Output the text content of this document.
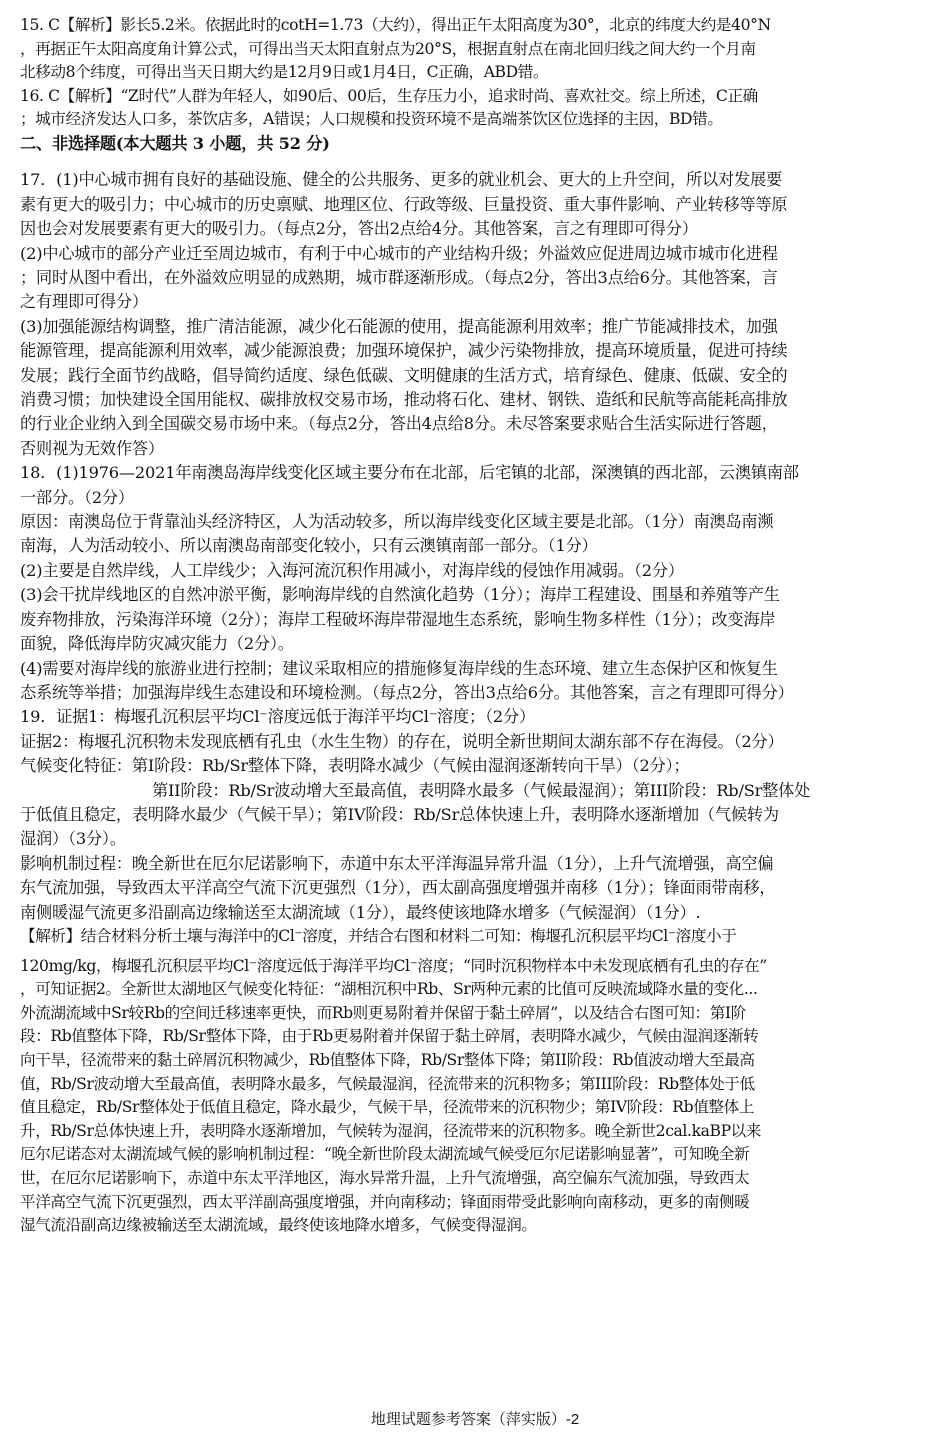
15. C【解析】影长5.2米。依据此时的cotH=1.73（大约），得出正午太阳高度为30°，北京的纬度大约是40°N
，再据正午太阳高度角计算公式，可得出当天太阳直射点为20°S，根据直射点在南北回归线之间大约一个月南
北移动8个纬度，可得出当天日期大约是12月9日或1月4日，C正确，ABD错。
16. C【解析】“Z时代”人群为年轻人，如90后、00后，生存压力小，追求时尚、喜欢社交。综上所述，C正确
；城市经济发达人口多，茶饮店多，A错误；人口规模和投资环境不是高端茶饮区位选择的主因，BD错。
二、非选择题(本大题共 3 小题，共 52 分)
17．(1)中心城市拥有良好的基础设施、健全的公共服务、更多的就业机会、更大的上升空间，所以对发展要
素有更大的吸引力；中心城市的历史禀赋、地理区位、行政等级、巨量投资、重大事件影响、产业转移等等原
因也会对发展要素有更大的吸引力。（每点2分，答出2点给4分。其他答案，言之有理即可得分）
(2)中心城市的部分产业迁至周边城市，有利于中心城市的产业结构升级；外溢效应促进周边城市城市化进程
；同时从图中看出，在外溢效应明显的成熟期，城市群逐渐形成。（每点2分，答出3点给6分。其他答案，言
之有理即可得分）
(3)加强能源结构调整，推广清洁能源，减少化石能源的使用，提高能源利用效率；推广节能减排技术，加强
能源管理，提高能源利用效率，减少能源浪费；加强环境保护，减少污染物排放，提高环境质量，促进可持续
发展；践行全面节约战略，倡导简约适度、绿色低碳、文明健康的生活方式，培育绿色、健康、低碳、安全的
消费习惯；加快建设全国用能权、碳排放权交易市场，推动将石化、建材、钢铁、造纸和民航等高能耗高排放
的行业企业纳入到全国碳交易市场中来。（每点2分，答出4点给8分。未尽答案要求贴合生活实际进行答题，
否则视为无效作答）
18．(1)1976—2021年南澳岛海岸线变化区域主要分布在北部，后宅镇的北部，深澳镇的西北部，云澳镇南部
一部分。（2分）
原因：南澳岛位于背靠汕头经济特区，人为活动较多，所以海岸线变化区域主要是北部。（1分）南澳岛南濒
南海，人为活动较小、所以南澳岛南部变化较小，只有云澳镇南部一部分。（1分）
(2)主要是自然岸线，人工岸线少；入海河流沉积作用减小，对海岸线的侵蚀作用减弱。（2分）
(3)会干扰岸线地区的自然冲淤平衡，影响海岸线的自然演化趋势（1分）；海岸工程建设、围垦和养殖等产生
废弃物排放，污染海洋环境（2分）；海岸工程破坏海岸带湿地生态系统，影响生物多样性（1分）；改变海岸
面貌，降低海岸防灾减灾能力（2分）。
(4)需要对海岸线的旅游业进行控制；建议采取相应的措施修复海岸线的生态环境、建立生态保护区和恢复生
态系统等举措；加强海岸线生态建设和环境检测。（每点2分，答出3点给6分。其他答案，言之有理即可得分）
19．证据1：梅堰孔沉积层平均Cl⁻溶度远低于海洋平均Cl⁻溶度；（2分）
证据2：梅堰孔沉积物未发现底栖有孔虫（水生生物）的存在，说明全新世期间太湖东部不存在海侵。（2分）
气候变化特征：第I阶段：Rb/Sr整体下降，表明降水减少（气候由湿润逐渐转向干旱）（2分）；
第II阶段：Rb/Sr波动增大至最高值，表明降水最多（气候最湿润）；第III阶段：Rb/Sr整体处
于低值且稳定，表明降水最少（气候干旱）；第IV阶段：Rb/Sr总体快速上升，表明降水逐渐增加（气候转为
湿润）（3分）。
影响机制过程：晚全新世在厄尔尼诺影响下，赤道中东太平洋海温异常升温（1分），上升气流增强，高空偏
东气流加强，导致西太平洋高空气流下沉更强烈（1分），西太副高强度增强并南移（1分）；锋面雨带南移，
南侧暖湿气流更多沿副高边缘输送至太湖流域（1分），最终使该地降水增多（气候湿润）（1分）.
【解析】结合材料分析土壤与海洋中的Cl⁻溶度，并结合右图和材料二可知：梅堰孔沉积层平均Cl⁻溶度小于
120mg/kg，梅堰孔沉积层平均Cl⁻溶度远低于海洋平均Cl⁻溶度；“同时沉积物样本中未发现底栖有孔虫的存在”
，可知证据2。全新世太湖地区气候变化特征：“湖相沉积中Rb、Sr两种元素的比值可反映流域降水量的变化...
外流湖流域中Sr较Rb的空间迁移速率更快，而Rb则更易附着并保留于黏土碎屑”，以及结合右图可知：第I阶
段：Rb值整体下降，Rb/Sr整体下降，由于Rb更易附着并保留于黏土碎屑，表明降水减少，气候由湿润逐渐转
向干旱，径流带来的黏土碎屑沉积物减少，Rb值整体下降，Rb/Sr整体下降；第II阶段：Rb值波动增大至最高
值，Rb/Sr波动增大至最高值，表明降水最多，气候最湿润，径流带来的沉积物多；第III阶段：Rb整体处于低
值且稳定，Rb/Sr整体处于低值且稳定，降水最少，气候干旱，径流带来的沉积物少；第IV阶段：Rb值整体上
升，Rb/Sr总体快速上升，表明降水逐渐增加，气候转为湿润，径流带来的沉积物多。晚全新世2cal.kaBP以来
厄尔尼诺态对太湖流域气候的影响机制过程：“晚全新世阶段太湖流域气候受厄尔尼诺影响显著”，可知晚全新
世，在厄尔尼诺影响下，赤道中东太平洋地区，海水异常升温，上升气流增强，高空偏东气流加强，导致西太
平洋高空气流下沉更强烈，西太平洋副高强度增强，并向南移动；锋面雨带受此影响向南移动，更多的南侧暖
湿气流沿副高边缘被输送至太湖流域，最终使该地降水增多，气候变得湿润。
地理试题参考答案（萍实版）-2
